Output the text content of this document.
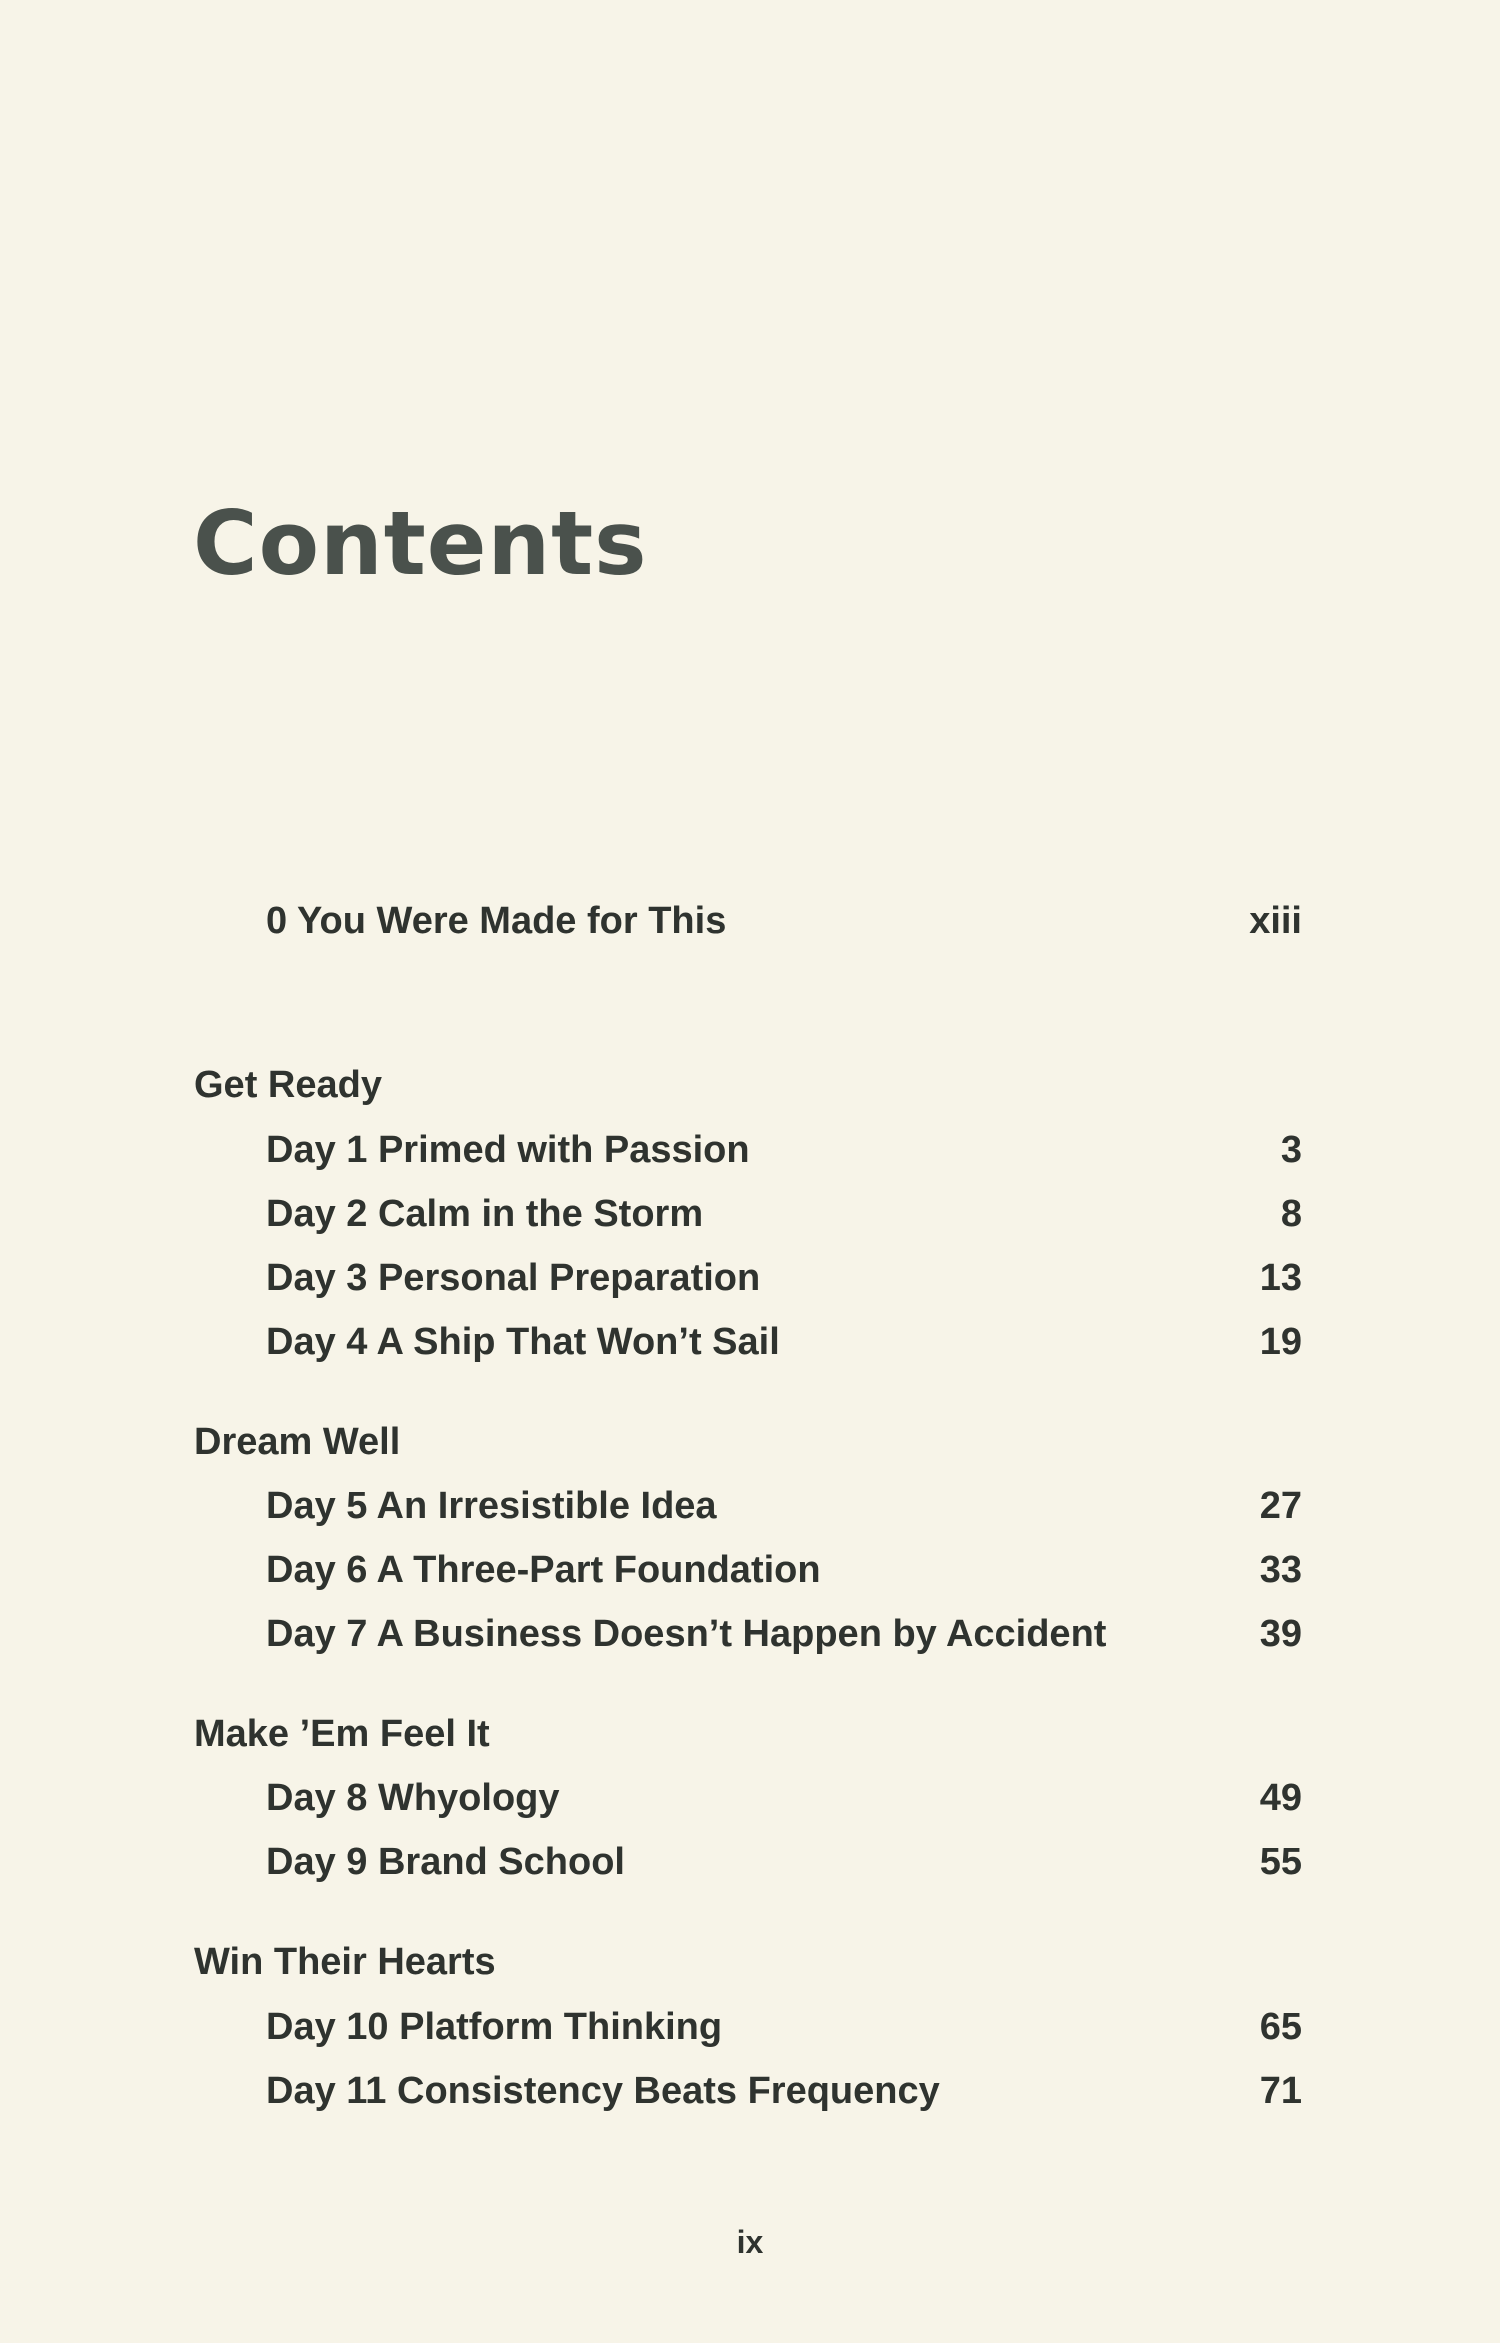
Contents
0 You Were Made for This	xiii
Get Ready
Day 1 Primed with Passion	3
Day 2 Calm in the Storm	8
Day 3 Personal Preparation	13
Day 4 A Ship That Won’t Sail	19
Dream Well
Day 5 An Irresistible Idea	27
Day 6 A Three-Part Foundation	33
Day 7 A Business Doesn’t Happen by Accident	39
Make ’Em Feel It
Day 8 Whyology	49
Day 9 Brand School	55
Win Their Hearts
Day 10 Platform Thinking	65
Day 11 Consistency Beats Frequency	71
ix
